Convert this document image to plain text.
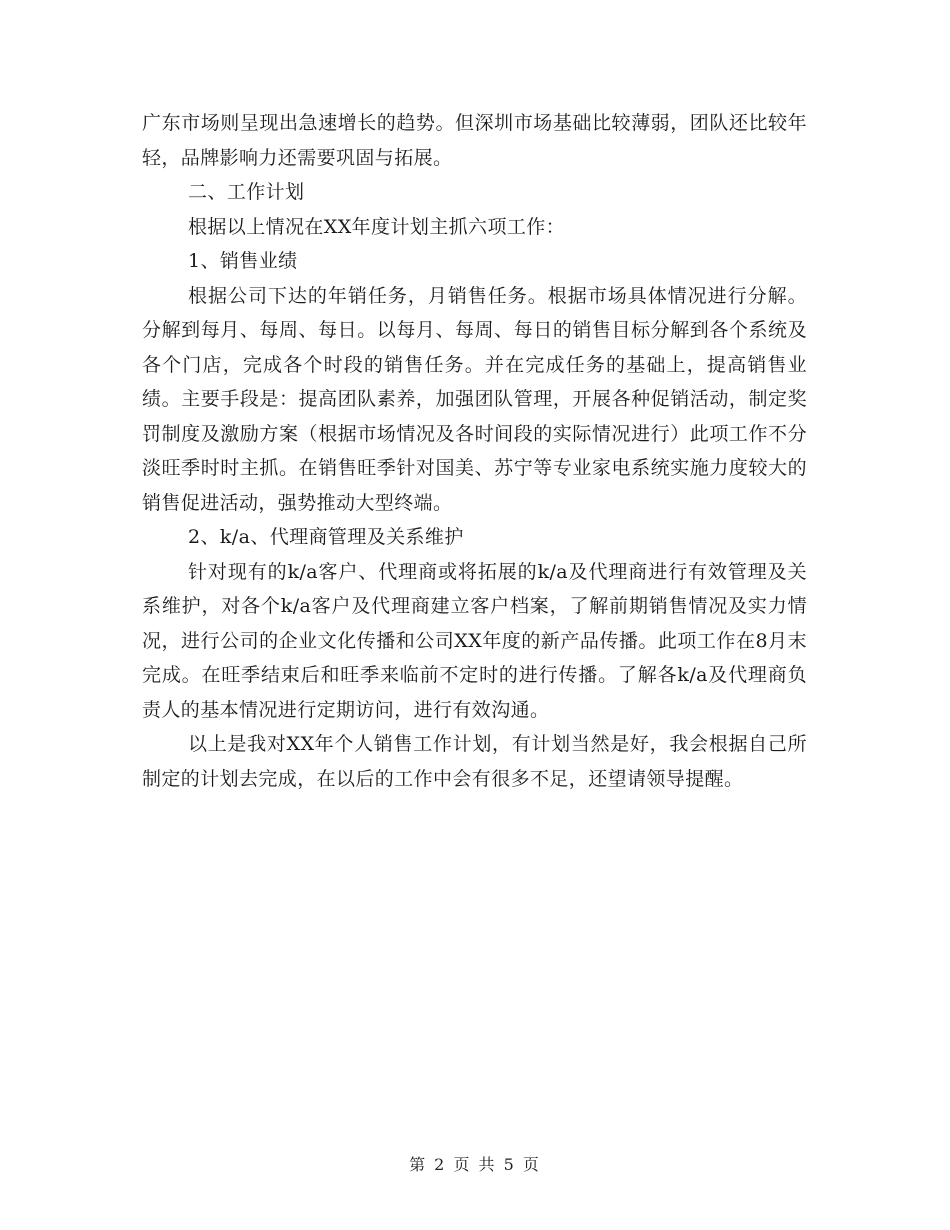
广东市场则呈现出急速增长的趋势。但深圳市场基础比较薄弱，团队还比较年轻，品牌影响力还需要巩固与拓展。

二、工作计划

根据以上情况在XX年度计划主抓六项工作：

1、销售业绩

根据公司下达的年销任务，月销售任务。根据市场具体情况进行分解。分解到每月、每周、每日。以每月、每周、每日的销售目标分解到各个系统及各个门店，完成各个时段的销售任务。并在完成任务的基础上，提高销售业绩。主要手段是：提高团队素养，加强团队管理，开展各种促销活动，制定奖罚制度及激励方案（根据市场情况及各时间段的实际情况进行）此项工作不分淡旺季时时主抓。在销售旺季针对国美、苏宁等专业家电系统实施力度较大的销售促进活动，强势推动大型终端。

2、k/a、代理商管理及关系维护

针对现有的k/a客户、代理商或将拓展的k/a及代理商进行有效管理及关系维护，对各个k/a客户及代理商建立客户档案，了解前期销售情况及实力情况，进行公司的企业文化传播和公司XX年度的新产品传播。此项工作在8月末完成。在旺季结束后和旺季来临前不定时的进行传播。了解各k/a及代理商负责人的基本情况进行定期访问，进行有效沟通。

以上是我对XX年个人销售工作计划，有计划当然是好，我会根据自己所制定的计划去完成，在以后的工作中会有很多不足，还望请领导提醒。

第 2 页 共 5 页
